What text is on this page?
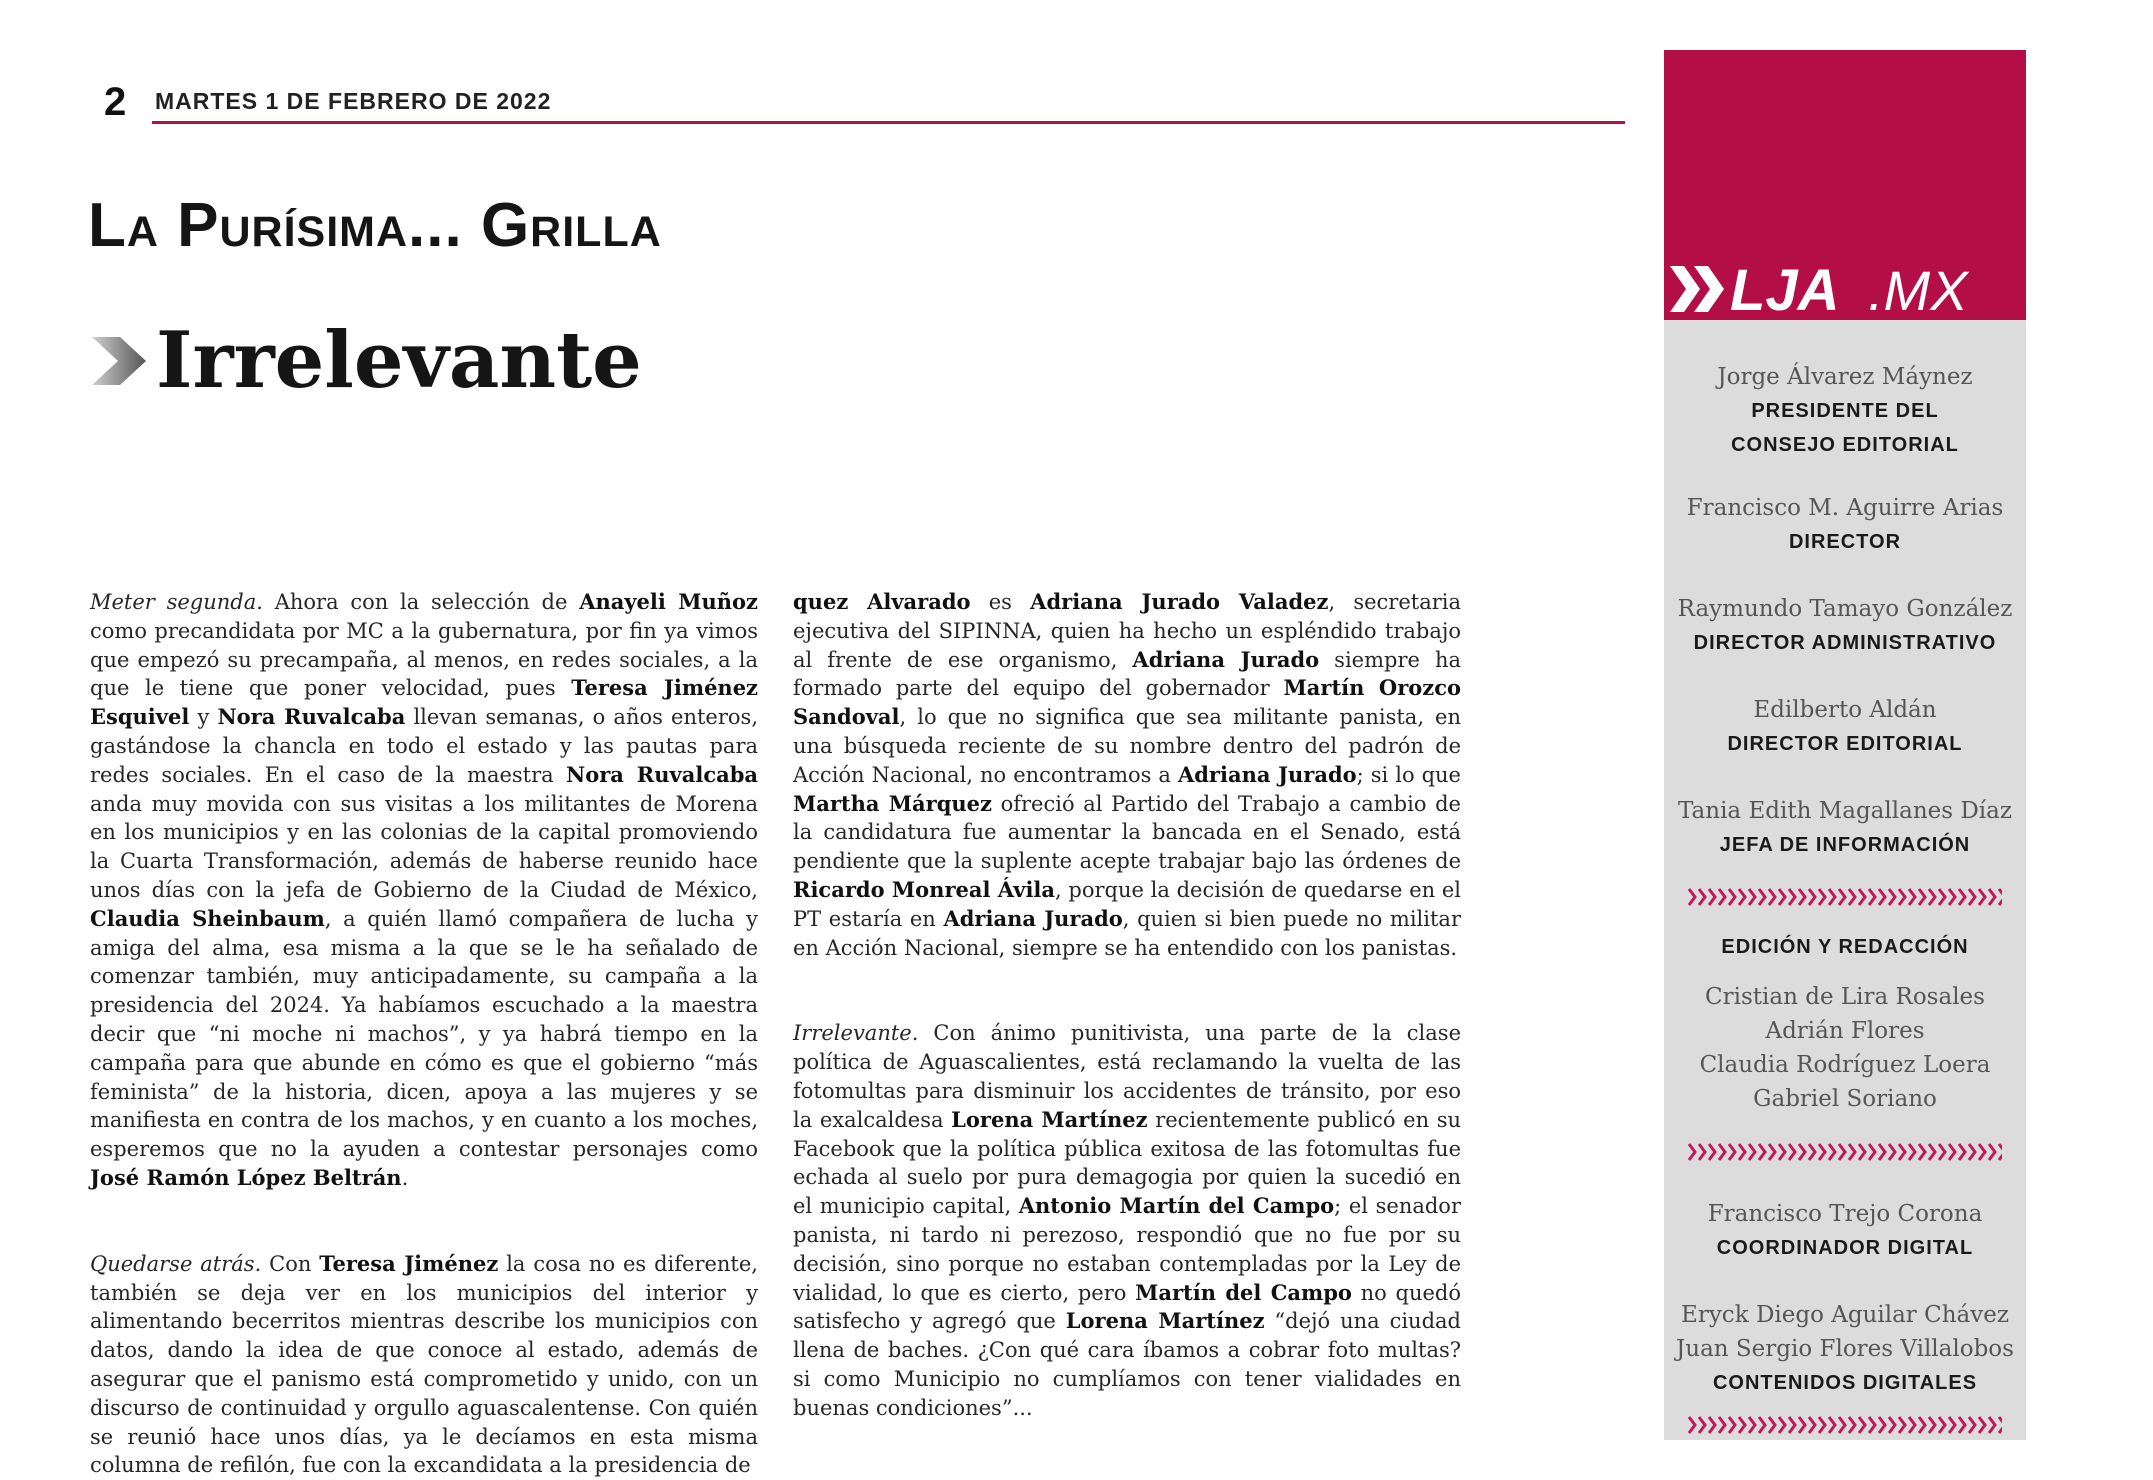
2 MARTES 1 DE FEBRERO DE 2022
La Purísima... Grilla
Irrelevante

Meter segunda. Ahora con la selección de Anayeli Muñoz como precandidata por MC a la gubernatura, por fin ya vimos que empezó su precampaña, al menos, en redes sociales, a la que le tiene que poner velocidad, pues Teresa Jiménez Esquivel y Nora Ruvalcaba llevan semanas, o años enteros, gastándose la chancla en todo el estado y las pautas para redes sociales. En el caso de la maestra Nora Ruvalcaba anda muy movida con sus visitas a los militantes de Morena en los municipios y en las colonias de la capital promoviendo la Cuarta Transformación, además de haberse reunido hace unos días con la jefa de Gobierno de la Ciudad de México, Claudia Sheinbaum, a quién llamó compañera de lucha y amiga del alma, esa misma a la que se le ha señalado de comenzar también, muy anticipadamente, su campaña a la presidencia del 2024. Ya habíamos escuchado a la maestra decir que “ni moche ni machos”, y ya habrá tiempo en la campaña para que abunde en cómo es que el gobierno “más feminista” de la historia, dicen, apoya a las mujeres y se manifiesta en contra de los machos, y en cuanto a los moches, esperemos que no la ayuden a contestar personajes como José Ramón López Beltrán.

Quedarse atrás. Con Teresa Jiménez la cosa no es diferente, también se deja ver en los municipios del interior y alimentando becerritos mientras describe los municipios con datos, dando la idea de que conoce al estado, además de asegurar que el panismo está comprometido y unido, con un discurso de continuidad y orgullo aguascalentense. Con quién se reunió hace unos días, ya le decíamos en esta misma columna de refilón, fue con la excandidata a la presidencia de

quez Alvarado es Adriana Jurado Valadez, secretaria ejecutiva del SIPINNA, quien ha hecho un espléndido trabajo al frente de ese organismo, Adriana Jurado siempre ha formado parte del equipo del gobernador Martín Orozco Sandoval, lo que no significa que sea militante panista, en una búsqueda reciente de su nombre dentro del padrón de Acción Nacional, no encontramos a Adriana Jurado; si lo que Martha Márquez ofreció al Partido del Trabajo a cambio de la candidatura fue aumentar la bancada en el Senado, está pendiente que la suplente acepte trabajar bajo las órdenes de Ricardo Monreal Ávila, porque la decisión de quedarse en el PT estaría en Adriana Jurado, quien si bien puede no militar en Acción Nacional, siempre se ha entendido con los panistas.

Irrelevante. Con ánimo punitivista, una parte de la clase política de Aguascalientes, está reclamando la vuelta de las fotomultas para disminuir los accidentes de tránsito, por eso la exalcaldesa Lorena Martínez recientemente publicó en su Facebook que la política pública exitosa de las fotomultas fue echada al suelo por pura demagogia por quien la sucedió en el municipio capital, Antonio Martín del Campo; el senador panista, ni tardo ni perezoso, respondió que no fue por su decisión, sino porque no estaban contempladas por la Ley de vialidad, lo que es cierto, pero Martín del Campo no quedó satisfecho y agregó que Lorena Martínez “dejó una ciudad llena de baches. ¿Con qué cara íbamos a cobrar foto multas? si como Municipio no cumplíamos con tener vialidades en buenas condiciones”...

LJA .MX
Jorge Álvarez Máynez
PRESIDENTE DEL
CONSEJO EDITORIAL
Francisco M. Aguirre Arias
DIRECTOR
Raymundo Tamayo González
DIRECTOR ADMINISTRATIVO
Edilberto Aldán
DIRECTOR EDITORIAL
Tania Edith Magallanes Díaz
JEFA DE INFORMACIÓN
EDICIÓN Y REDACCIÓN
Cristian de Lira Rosales
Adrián Flores
Claudia Rodríguez Loera
Gabriel Soriano
Francisco Trejo Corona
COORDINADOR DIGITAL
Eryck Diego Aguilar Chávez
Juan Sergio Flores Villalobos
CONTENIDOS DIGITALES
